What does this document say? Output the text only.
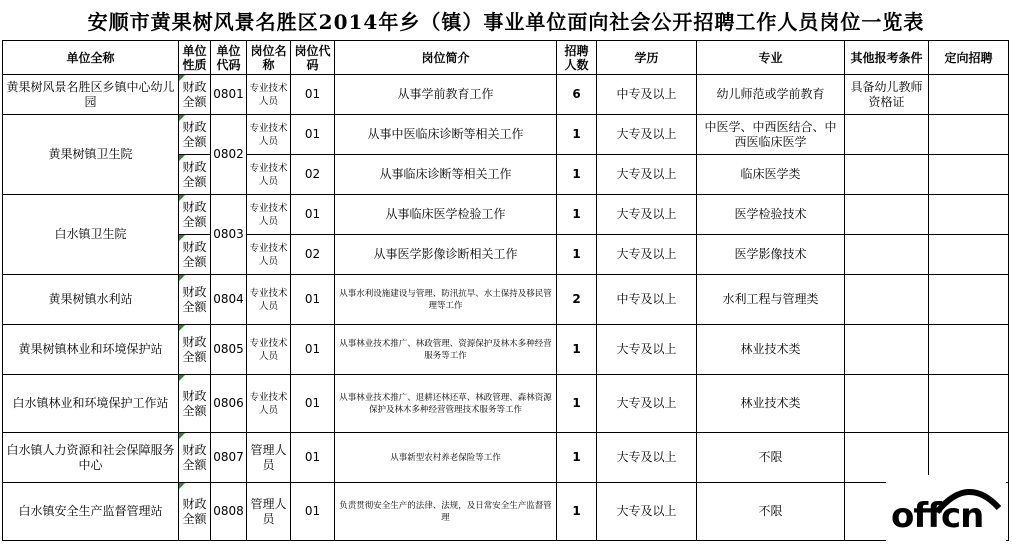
安顺市黄果树风景名胜区2014年乡（镇）事业单位面向社会公开招聘工作人员岗位一览表
单位全称	单位性质	单位代码	岗位名称	岗位代码	岗位简介	招聘人数	学历	专业	其他报考条件	定向招聘
黄果树风景名胜区乡镇中心幼儿园	财政全额	0801	专业技术人员	01	从事学前教育工作	6	中专及以上	幼儿师范或学前教育	具备幼儿教师资格证	
黄果树镇卫生院	财政全额	0802	专业技术人员	01	从事中医临床诊断等相关工作	1	大专及以上	中医学、中西医结合、中西医临床医学		
	财政全额		专业技术人员	02	从事临床诊断等相关工作	1	大专及以上	临床医学类		
白水镇卫生院	财政全额	0803	专业技术人员	01	从事临床医学检验工作	1	大专及以上	医学检验技术		
	财政全额		专业技术人员	02	从事医学影像诊断相关工作	1	大专及以上	医学影像技术		
黄果树镇水利站	财政全额	0804	专业技术人员	01	从事水利设施建设与管理、防汛抗旱、水土保持及移民管理等工作	2	中专及以上	水利工程与管理类		
黄果树镇林业和环境保护站	财政全额	0805	专业技术人员	01	从事林业技术推广、林政管理、资源保护及林木多种经营服务等工作	1	大专及以上	林业技术类		
白水镇林业和环境保护工作站	财政全额	0806	专业技术人员	01	从事林业技术推广、退耕还林还草、林政管理、森林资源保护及林木多种经营管理技术服务等工作	1	大专及以上	林业技术类		
白水镇人力资源和社会保障服务中心	财政全额	0807	管理人员	01	从事新型农村养老保险等工作	1	大专及以上	不限		
白水镇安全生产监督管理站	财政全额	0808	管理人员	01	负责贯彻安全生产的法律、法规，及日常安全生产监督管理	1	大专及以上	不限			offcn
